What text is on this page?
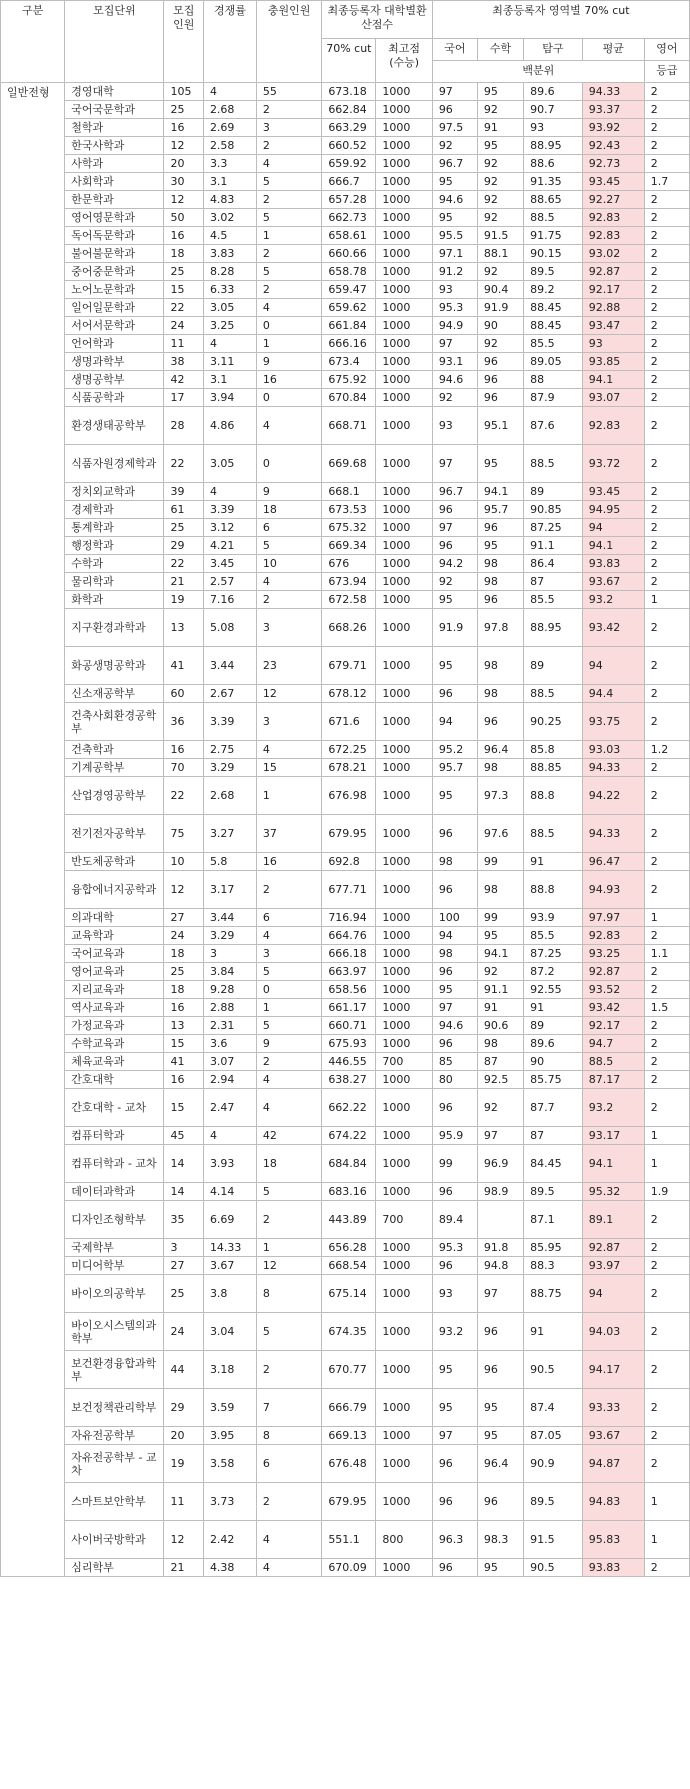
구분	모집단위	모집 인원	경쟁률	충원인원	최종등록자 대학별환산점수		최종등록자 영역별 70% cut				
					70% cut	최고점 (수능)	국어	수학	탐구	평균	영어
							백분위				등급
일반전형	경영대학	105	4	55	673.18	1000	97	95	89.6	94.33	2
	국어국문학과	25	2.68	2	662.84	1000	96	92	90.7	93.37	2
	철학과	16	2.69	3	663.29	1000	97.5	91	93	93.92	2
	한국사학과	12	2.58	2	660.52	1000	92	95	88.95	92.43	2
	사학과	20	3.3	4	659.92	1000	96.7	92	88.6	92.73	2
	사회학과	30	3.1	5	666.7	1000	95	92	91.35	93.45	1.7
	한문학과	12	4.83	2	657.28	1000	94.6	92	88.65	92.27	2
	영어영문학과	50	3.02	5	662.73	1000	95	92	88.5	92.83	2
	독어독문학과	16	4.5	1	658.61	1000	95.5	91.5	91.75	92.83	2
	불어불문학과	18	3.83	2	660.66	1000	97.1	88.1	90.15	93.02	2
	중어중문학과	25	8.28	5	658.78	1000	91.2	92	89.5	92.87	2
	노어노문학과	15	6.33	2	659.47	1000	93	90.4	89.2	92.17	2
	일어일문학과	22	3.05	4	659.62	1000	95.3	91.9	88.45	92.88	2
	서어서문학과	24	3.25	0	661.84	1000	94.9	90	88.45	93.47	2
	언어학과	11	4	1	666.16	1000	97	92	85.5	93	2
	생명과학부	38	3.11	9	673.4	1000	93.1	96	89.05	93.85	2
	생명공학부	42	3.1	16	675.92	1000	94.6	96	88	94.1	2
	식품공학과	17	3.94	0	670.84	1000	92	96	87.9	93.07	2
	환경생태공학부	28	4.86	4	668.71	1000	93	95.1	87.6	92.83	2
	식품자원경제학과	22	3.05	0	669.68	1000	97	95	88.5	93.72	2
	정치외교학과	39	4	9	668.1	1000	96.7	94.1	89	93.45	2
	경제학과	61	3.39	18	673.53	1000	96	95.7	90.85	94.95	2
	통계학과	25	3.12	6	675.32	1000	97	96	87.25	94	2
	행정학과	29	4.21	5	669.34	1000	96	95	91.1	94.1	2
	수학과	22	3.45	10	676	1000	94.2	98	86.4	93.83	2
	물리학과	21	2.57	4	673.94	1000	92	98	87	93.67	2
	화학과	19	7.16	2	672.58	1000	95	96	85.5	93.2	1
	지구환경과학과	13	5.08	3	668.26	1000	91.9	97.8	88.95	93.42	2
	화공생명공학과	41	3.44	23	679.71	1000	95	98	89	94	2
	신소재공학부	60	2.67	12	678.12	1000	96	98	88.5	94.4	2
	건축사회환경공학부	36	3.39	3	671.6	1000	94	96	90.25	93.75	2
	건축학과	16	2.75	4	672.25	1000	95.2	96.4	85.8	93.03	1.2
	기계공학부	70	3.29	15	678.21	1000	95.7	98	88.85	94.33	2
	산업경영공학부	22	2.68	1	676.98	1000	95	97.3	88.8	94.22	2
	전기전자공학부	75	3.27	37	679.95	1000	96	97.6	88.5	94.33	2
	반도체공학과	10	5.8	16	692.8	1000	98	99	91	96.47	2
	융합에너지공학과	12	3.17	2	677.71	1000	96	98	88.8	94.93	2
	의과대학	27	3.44	6	716.94	1000	100	99	93.9	97.97	1
	교육학과	24	3.29	4	664.76	1000	94	95	85.5	92.83	2
	국어교육과	18	3	3	666.18	1000	98	94.1	87.25	93.25	1.1
	영어교육과	25	3.84	5	663.97	1000	96	92	87.2	92.87	2
	지리교육과	18	9.28	0	658.56	1000	95	91.1	92.55	93.52	2
	역사교육과	16	2.88	1	661.17	1000	97	91	91	93.42	1.5
	가정교육과	13	2.31	5	660.71	1000	94.6	90.6	89	92.17	2
	수학교육과	15	3.6	9	675.93	1000	96	98	89.6	94.7	2
	체육교육과	41	3.07	2	446.55	700	85	87	90	88.5	2
	간호대학	16	2.94	4	638.27	1000	80	92.5	85.75	87.17	2
	간호대학 - 교차	15	2.47	4	662.22	1000	96	92	87.7	93.2	2
	컴퓨터학과	45	4	42	674.22	1000	95.9	97	87	93.17	1
	컴퓨터학과 - 교차	14	3.93	18	684.84	1000	99	96.9	84.45	94.1	1
	데이터과학과	14	4.14	5	683.16	1000	96	98.9	89.5	95.32	1.9
	디자인조형학부	35	6.69	2	443.89	700	89.4		87.1	89.1	2
	국제학부	3	14.33	1	656.28	1000	95.3	91.8	85.95	92.87	2
	미디어학부	27	3.67	12	668.54	1000	96	94.8	88.3	93.97	2
	바이오의공학부	25	3.8	8	675.14	1000	93	97	88.75	94	2
	바이오시스템의과학부	24	3.04	5	674.35	1000	93.2	96	91	94.03	2
	보건환경융합과학부	44	3.18	2	670.77	1000	95	96	90.5	94.17	2
	보건정책관리학부	29	3.59	7	666.79	1000	95	95	87.4	93.33	2
	자유전공학부	20	3.95	8	669.13	1000	97	95	87.05	93.67	2
	자유전공학부 - 교차	19	3.58	6	676.48	1000	96	96.4	90.9	94.87	2
	스마트보안학부	11	3.73	2	679.95	1000	96	96	89.5	94.83	1
	사이버국방학과	12	2.42	4	551.1	800	96.3	98.3	91.5	95.83	1
	심리학부	21	4.38	4	670.09	1000	96	95	90.5	93.83	2
